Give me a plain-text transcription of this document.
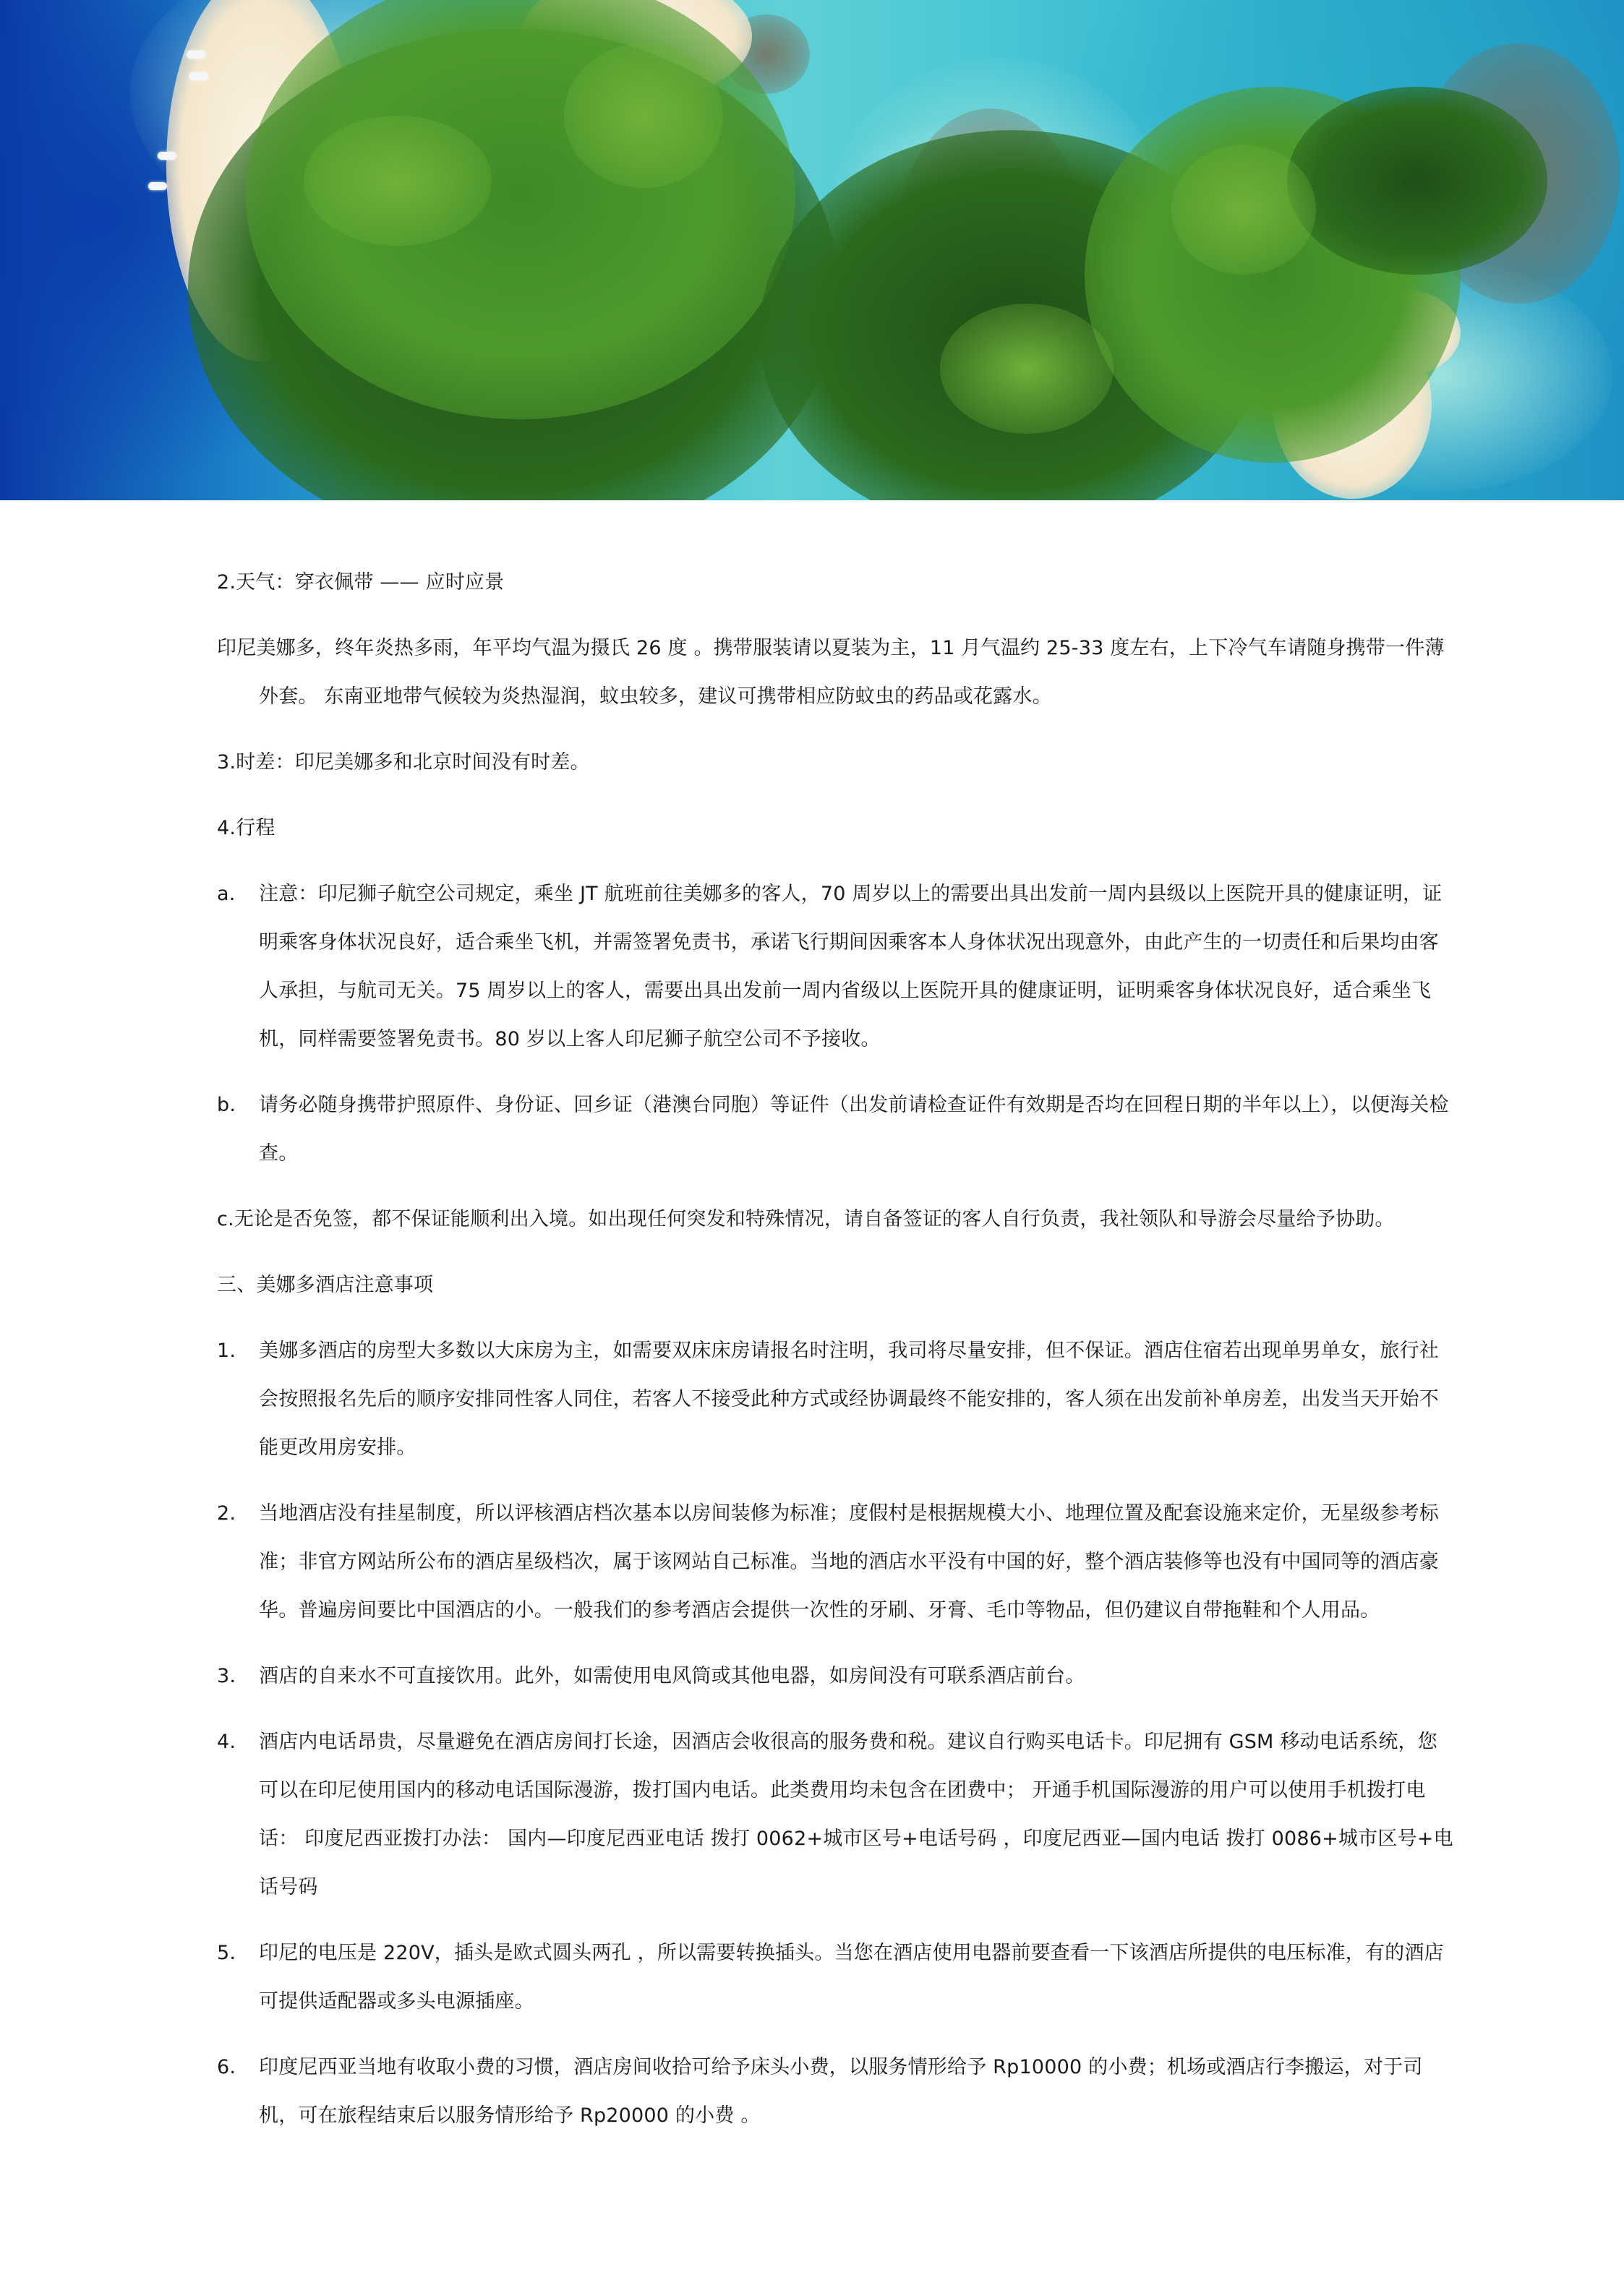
2.天气：穿衣佩带 —— 应时应景

印尼美娜多，终年炎热多雨，年平均气温为摄氏 26 度 。携带服装请以夏装为主，11 月气温约 25-33 度左右，上下冷气车请随身携带一件薄外套。 东南亚地带气候较为炎热湿润，蚊虫较多，建议可携带相应防蚊虫的药品或花露水。

3.时差：印尼美娜多和北京时间没有时差。

4.行程

a. 注意：印尼狮子航空公司规定，乘坐 JT 航班前往美娜多的客人，70 周岁以上的需要出具出发前一周内县级以上医院开具的健康证明，证明乘客身体状况良好，适合乘坐飞机，并需签署免责书，承诺飞行期间因乘客本人身体状况出现意外，由此产生的一切责任和后果均由客人承担，与航司无关。75 周岁以上的客人，需要出具出发前一周内省级以上医院开具的健康证明，证明乘客身体状况良好，适合乘坐飞机，同样需要签署免责书。80 岁以上客人印尼狮子航空公司不予接收。
b. 请务必随身携带护照原件、身份证、回乡证（港澳台同胞）等证件（出发前请检查证件有效期是否均在回程日期的半年以上），以便海关检查。

c.无论是否免签，都不保证能顺利出入境。如出现任何突发和特殊情况，请自备签证的客人自行负责，我社领队和导游会尽量给予协助。

三、美娜多酒店注意事项

1. 美娜多酒店的房型大多数以大床房为主，如需要双床床房请报名时注明，我司将尽量安排，但不保证。酒店住宿若出现单男单女，旅行社会按照报名先后的顺序安排同性客人同住，若客人不接受此种方式或经协调最终不能安排的，客人须在出发前补单房差，出发当天开始不能更改用房安排。
2. 当地酒店没有挂星制度，所以评核酒店档次基本以房间装修为标准；度假村是根据规模大小、地理位置及配套设施来定价，无星级参考标准；非官方网站所公布的酒店星级档次，属于该网站自己标准。当地的酒店水平没有中国的好，整个酒店装修等也没有中国同等的酒店豪华。普遍房间要比中国酒店的小。一般我们的参考酒店会提供一次性的牙刷、牙膏、毛巾等物品，但仍建议自带拖鞋和个人用品。
3. 酒店的自来水不可直接饮用。此外，如需使用电风筒或其他电器，如房间没有可联系酒店前台。
4. 酒店内电话昂贵，尽量避免在酒店房间打长途，因酒店会收很高的服务费和税。建议自行购买电话卡。印尼拥有 GSM 移动电话系统，您可以在印尼使用国内的移动电话国际漫游，拨打国内电话。此类费用均未包含在团费中； 开通手机国际漫游的用户可以使用手机拨打电话： 印度尼西亚拨打办法： 国内—印度尼西亚电话 拨打 0062+城市区号+电话号码 ，印度尼西亚—国内电话 拨打 0086+城市区号+电话号码
5. 印尼的电压是 220V，插头是欧式圆头两孔 ，所以需要转换插头。当您在酒店使用电器前要查看一下该酒店所提供的电压标准，有的酒店可提供适配器或多头电源插座。
6. 印度尼西亚当地有收取小费的习惯，酒店房间收拾可给予床头小费，以服务情形给予 Rp10000 的小费；机场或酒店行李搬运，对于司机，可在旅程结束后以服务情形给予 Rp20000 的小费 。
